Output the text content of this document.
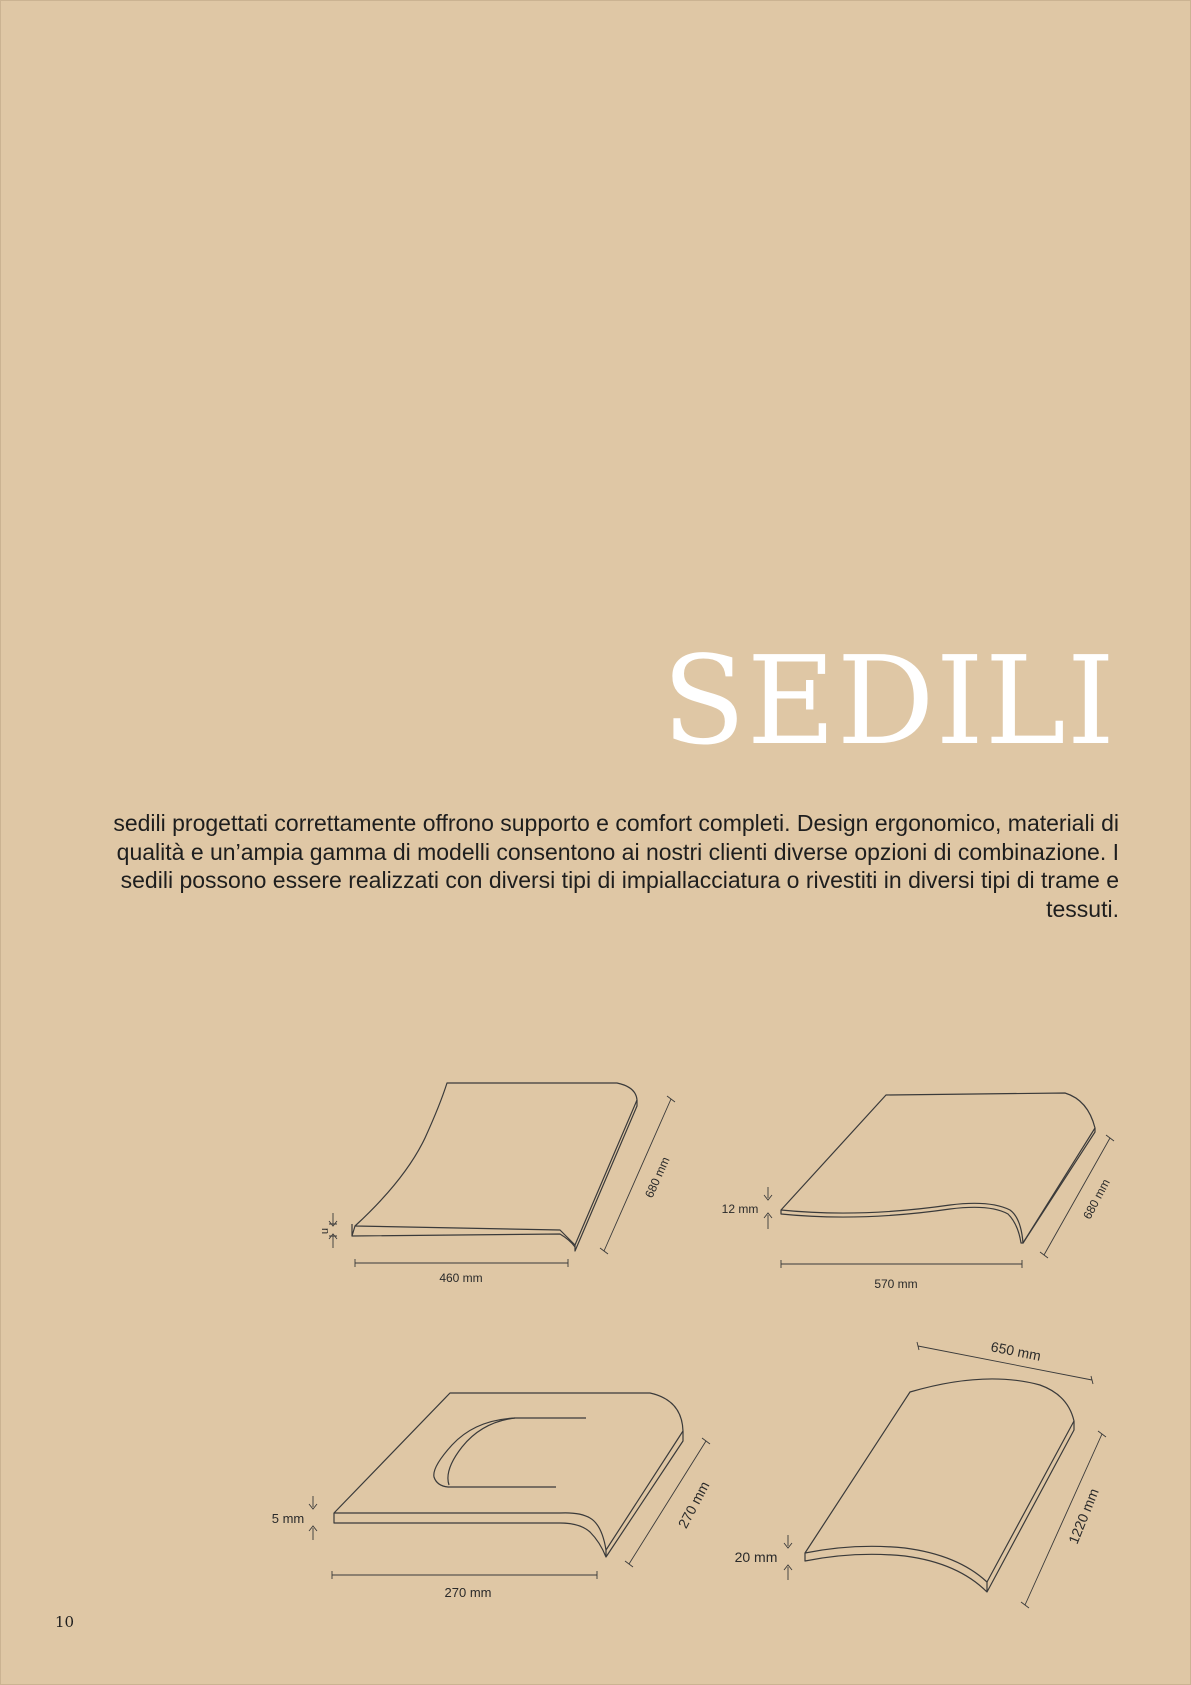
SEDILI

sedili progettati correttamente offrono supporto e comfort completi. Design ergonomico, materiali di qualità e un’ampia gamma di modelli consentono ai nostri clienti diverse opzioni di combinazione. I sedili possono essere realizzati con diversi tipi di impiallacciatura o rivestiti in diversi tipi di trame e tessuti.

n
460 mm
680 mm
12 mm
570 mm
680 mm
5 mm
270 mm
270 mm
20 mm
650 mm
1220 mm
10
